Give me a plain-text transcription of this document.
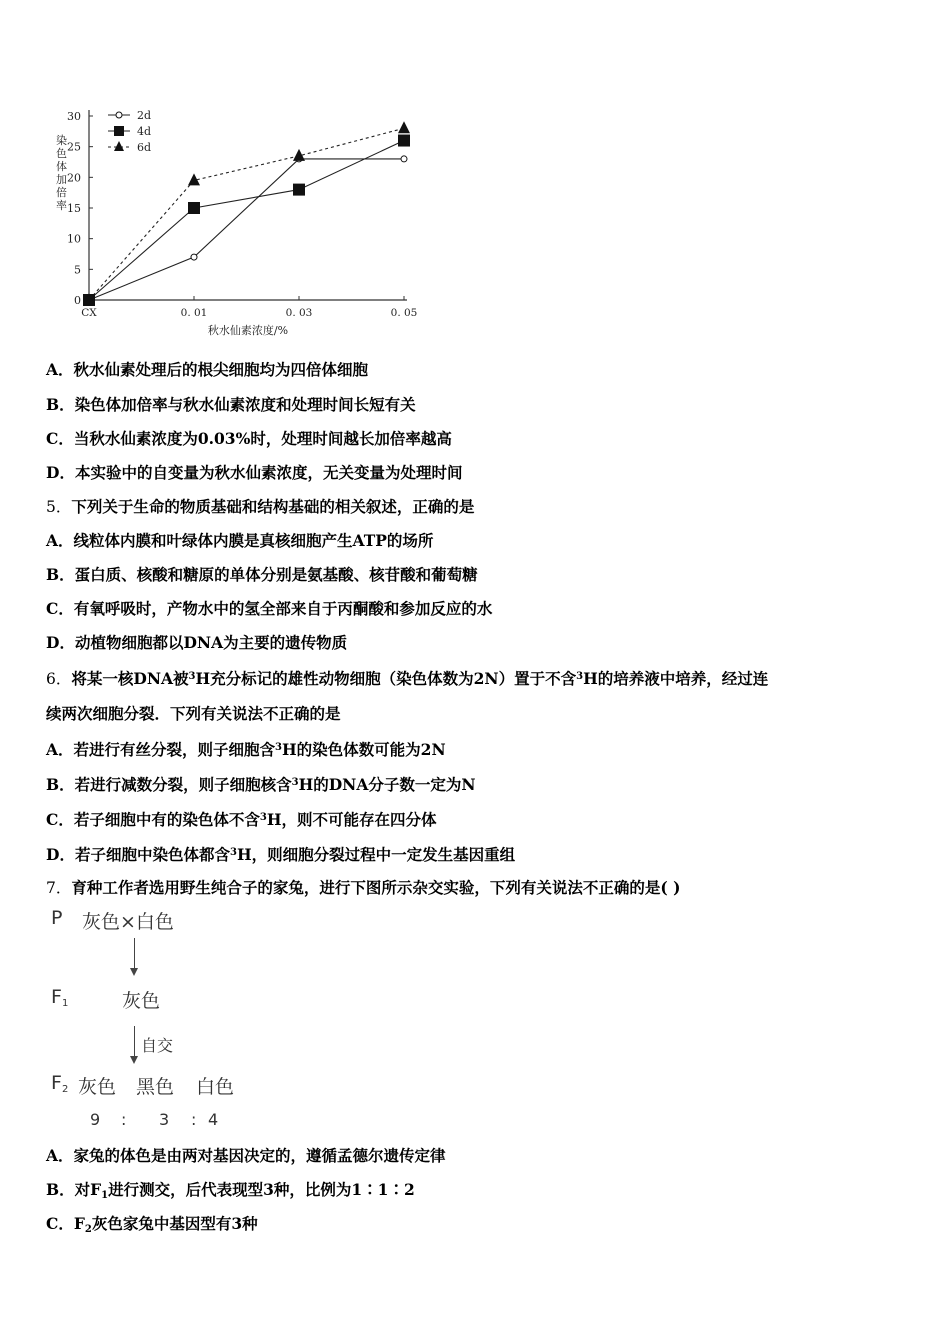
0
5
10
15
20
25
30
CX	0. 01	0. 03	0. 05
2d
4d
6d
染色体加倍率
秋水仙素浓度/%
A．秋水仙素处理后的根尖细胞均为四倍体细胞
B．染色体加倍率与秋水仙素浓度和处理时间长短有关
C．当秋水仙素浓度为0.03%时，处理时间越长加倍率越高
D．本实验中的自变量为秋水仙素浓度，无关变量为处理时间
5．下列关于生命的物质基础和结构基础的相关叙述，正确的是
A．线粒体内膜和叶绿体内膜是真核细胞产生ATP的场所
B．蛋白质、核酸和糖原的单体分别是氨基酸、核苷酸和葡萄糖
C．有氧呼吸时，产物水中的氢全部来自于丙酮酸和参加反应的水
D．动植物细胞都以DNA为主要的遗传物质
6．将某一核DNA被$^3$H充分标记的雄性动物细胞（染色体数为2N）置于不含$^3$H的培养液中培养，经过连
续两次细胞分裂．下列有关说法不正确的是
A．若进行有丝分裂，则子细胞含$^3$H的染色体数可能为2N
B．若进行减数分裂，则子细胞核含$^3$H的DNA分子数一定为N
C．若子细胞中有的染色体不含$^3$H，则不可能存在四分体
D．若子细胞中染色体都含$^3$H，则细胞分裂过程中一定发生基因重组
7．育种工作者选用野生纯合子的家兔，进行下图所示杂交实验，下列有关说法不正确的是( )
P 灰色×白色
$F_1$	灰色
自交
$F_2$ 灰色 黑色 白色
9 : 3 : 4
A．家兔的体色是由两对基因决定的，遵循孟德尔遗传定律
B．对$F_1$进行测交，后代表现型3种，比例为1∶1∶2
C．$F_2$灰色家兔中基因型有3种
